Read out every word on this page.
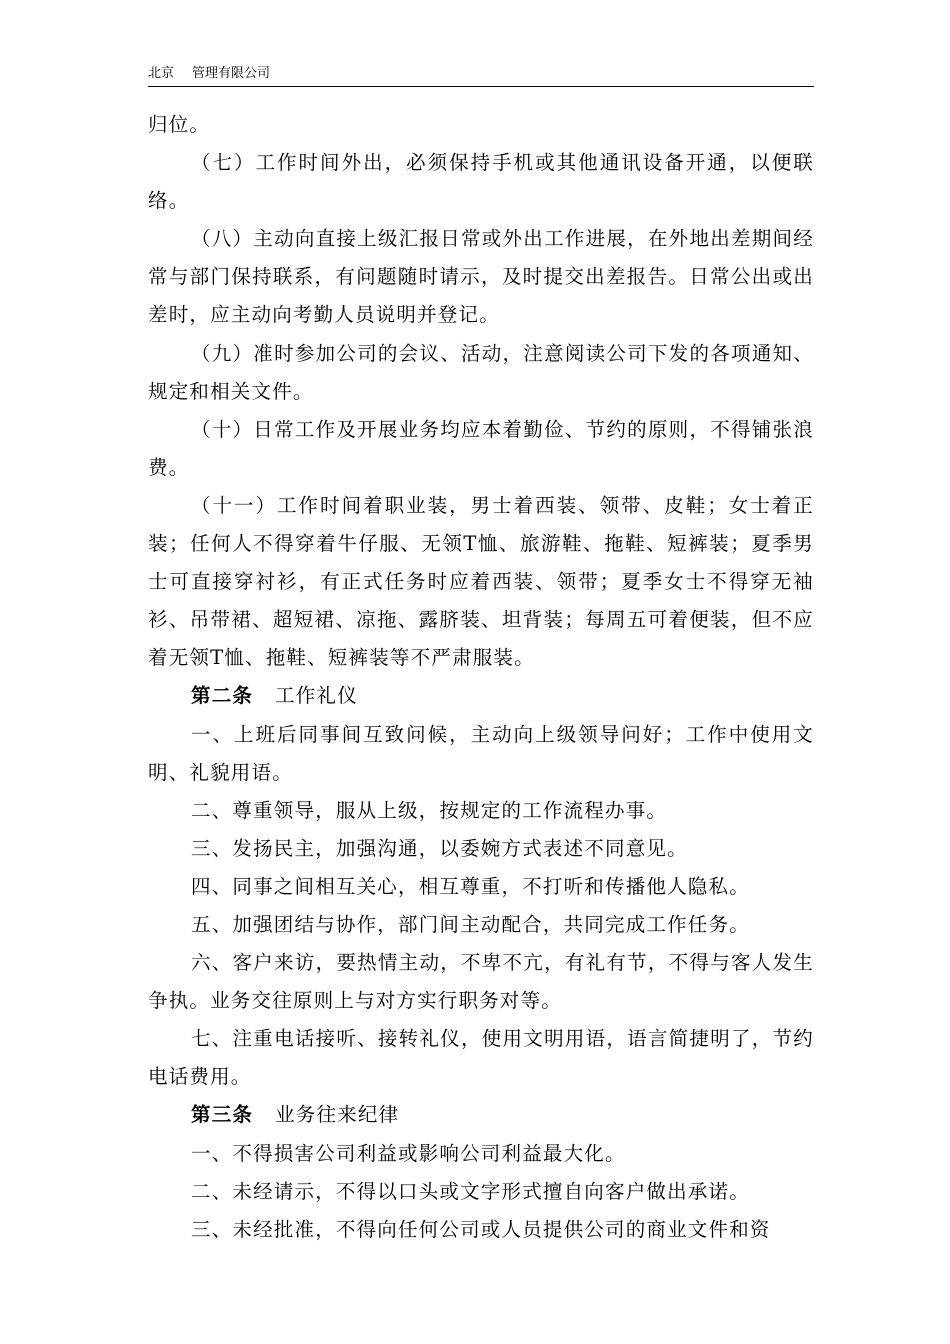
北京 管理有限公司

归位。

（七）工作时间外出，必须保持手机或其他通讯设备开通，以便联络。

（八）主动向直接上级汇报日常或外出工作进展，在外地出差期间经常与部门保持联系，有问题随时请示，及时提交出差报告。日常公出或出差时，应主动向考勤人员说明并登记。

（九）准时参加公司的会议、活动，注意阅读公司下发的各项通知、规定和相关文件。

（十）日常工作及开展业务均应本着勤俭、节约的原则，不得铺张浪费。

（十一）工作时间着职业装，男士着西装、领带、皮鞋；女士着正装；任何人不得穿着牛仔服、无领T恤、旅游鞋、拖鞋、短裤装；夏季男士可直接穿衬衫，有正式任务时应着西装、领带；夏季女士不得穿无袖衫、吊带裙、超短裙、凉拖、露脐装、坦背装；每周五可着便装，但不应着无领T恤、拖鞋、短裤装等不严肃服装。

第二条 工作礼仪

一、上班后同事间互致问候，主动向上级领导问好；工作中使用文明、礼貌用语。

二、尊重领导，服从上级，按规定的工作流程办事。

三、发扬民主，加强沟通，以委婉方式表述不同意见。

四、同事之间相互关心，相互尊重，不打听和传播他人隐私。

五、加强团结与协作，部门间主动配合，共同完成工作任务。

六、客户来访，要热情主动，不卑不亢，有礼有节，不得与客人发生争执。业务交往原则上与对方实行职务对等。

七、注重电话接听、接转礼仪，使用文明用语，语言简捷明了，节约电话费用。

第三条 业务往来纪律

一、不得损害公司利益或影响公司利益最大化。

二、未经请示，不得以口头或文字形式擅自向客户做出承诺。

三、未经批准，不得向任何公司或人员提供公司的商业文件和资
